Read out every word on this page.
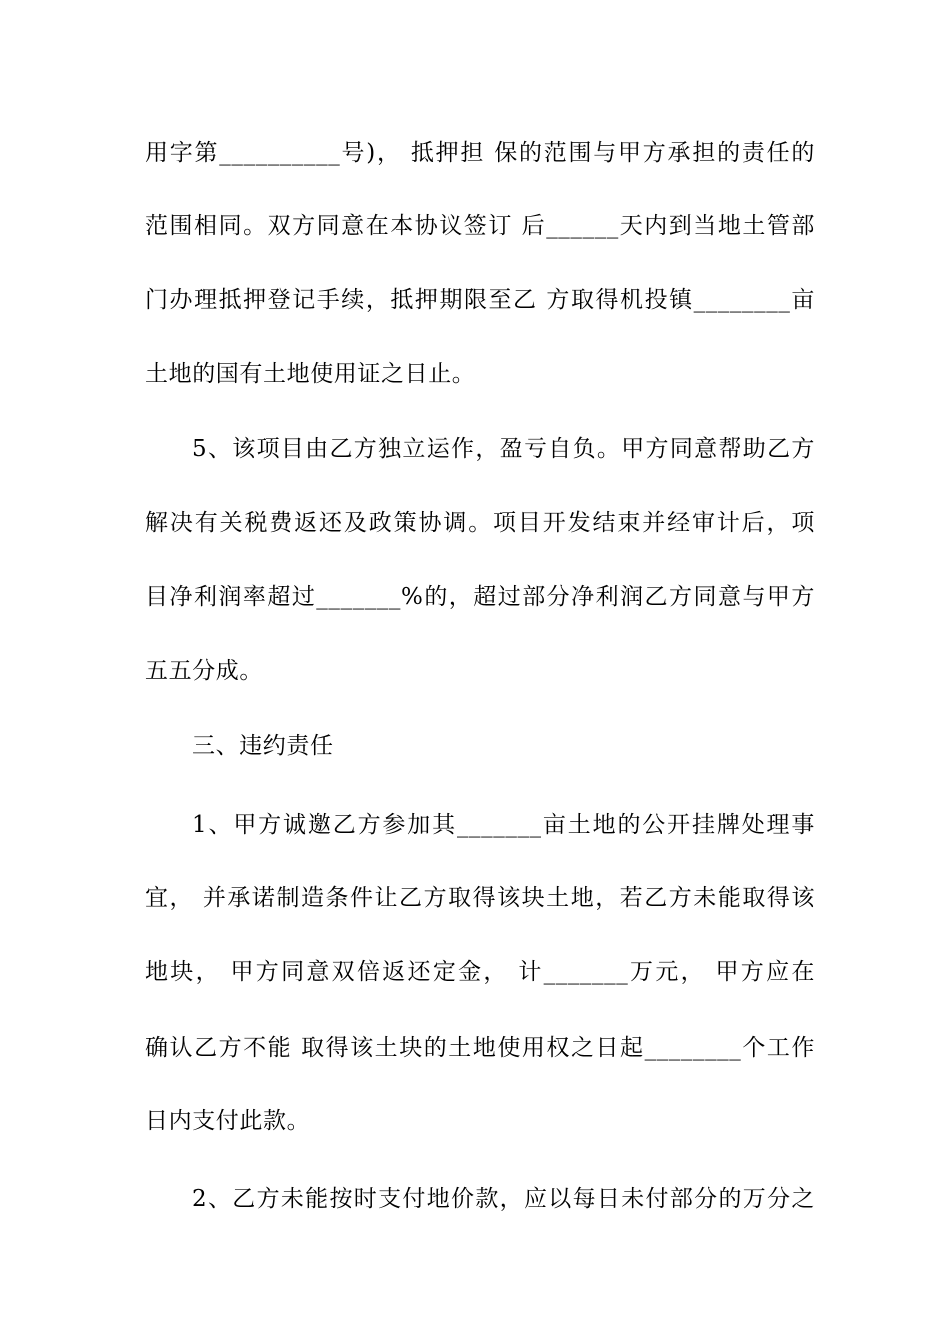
用字第__________号)， 抵押担 保的范围与甲方承担的责任的
范围相同。双方同意在本协议签订 后______天内到当地土管部
门办理抵押登记手续，抵押期限至乙 方取得机投镇________亩
土地的国有土地使用证之日止。
5、该项目由乙方独立运作，盈亏自负。甲方同意帮助乙方
解决有关税费返还及政策协调。项目开发结束并经审计后，项
目净利润率超过_______%的，超过部分净利润乙方同意与甲方
五五分成。
三、违约责任
1、甲方诚邀乙方参加其_______亩土地的公开挂牌处理事
宜， 并承诺制造条件让乙方取得该块土地，若乙方未能取得该
地块， 甲方同意双倍返还定金， 计_______万元， 甲方应在
确认乙方不能 取得该土块的土地使用权之日起________个工作
日内支付此款。
2、乙方未能按时支付地价款，应以每日未付部分的万分之
